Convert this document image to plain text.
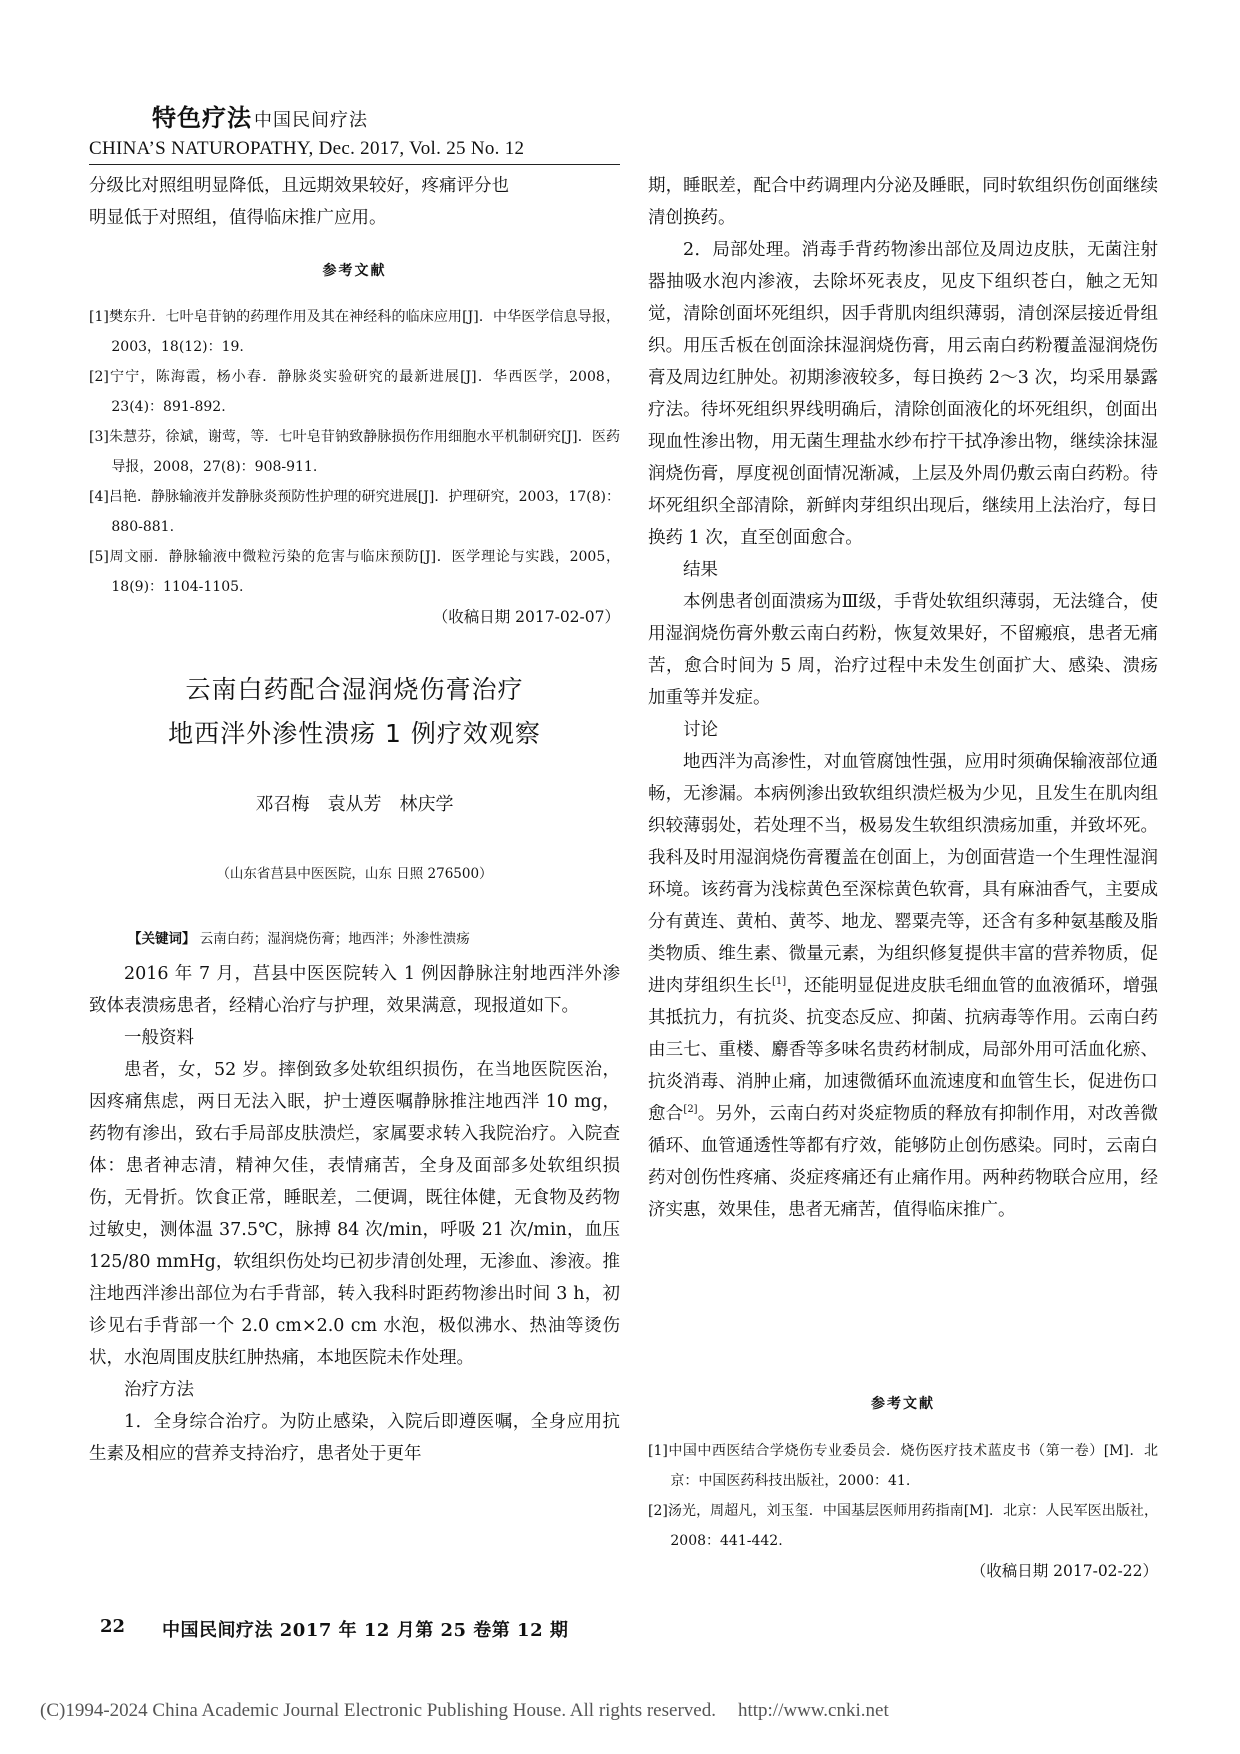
特色疗法 中国民间疗法
CHINA’S NATUROPATHY, Dec. 2017, Vol. 25 No. 12

分级比对照组明显降低，且远期效果较好，疼痛评分也

明显低于对照组，值得临床推广应用。

参考文献
[1]樊东升．七叶皂苷钠的药理作用及其在神经科的临床应用[J]．中华医学信息导报，2003，18(12)：19.
[2]宁宁，陈海霞，杨小春．静脉炎实验研究的最新进展[J]．华西医学，2008，23(4)：891-892.
[3]朱慧芬，徐斌，谢莺，等．七叶皂苷钠致静脉损伤作用细胞水平机制研究[J]．医药导报，2008，27(8)：908-911.
[4]吕艳．静脉输液并发静脉炎预防性护理的研究进展[J]．护理研究，2003，17(8)：880-881.
[5]周文丽．静脉输液中微粒污染的危害与临床预防[J]．医学理论与实践，2005，18(9)：1104-1105.
（收稿日期 2017-02-07）
云南白药配合湿润烧伤膏治疗
地西泮外渗性溃疡 1 例疗效观察
邓召梅　袁从芳　林庆学
（山东省莒县中医医院，山东 日照 276500）
【关键词】 云南白药；湿润烧伤膏；地西泮；外渗性溃疡

2016 年 7 月，莒县中医医院转入 1 例因静脉注射地西泮外渗致体表溃疡患者，经精心治疗与护理，效果满意，现报道如下。

一般资料

患者，女，52 岁。摔倒致多处软组织损伤，在当地医院医治，因疼痛焦虑，两日无法入眠，护士遵医嘱静脉推注地西泮 10 mg，药物有渗出，致右手局部皮肤溃烂，家属要求转入我院治疗。入院查体：患者神志清，精神欠佳，表情痛苦，全身及面部多处软组织损伤，无骨折。饮食正常，睡眠差，二便调，既往体健，无食物及药物过敏史，测体温 37.5℃，脉搏 84 次/min，呼吸 21 次/min，血压 125/80 mmHg，软组织伤处均已初步清创处理，无渗血、渗液。推注地西泮渗出部位为右手背部，转入我科时距药物渗出时间 3 h，初诊见右手背部一个 2.0 cm×2.0 cm 水泡，极似沸水、热油等烫伤状，水泡周围皮肤红肿热痛，本地医院未作处理。

治疗方法

1．全身综合治疗。为防止感染，入院后即遵医嘱，全身应用抗生素及相应的营养支持治疗，患者处于更年

期，睡眠差，配合中药调理内分泌及睡眠，同时软组织伤创面继续清创换药。

2．局部处理。消毒手背药物渗出部位及周边皮肤，无菌注射器抽吸水泡内渗液，去除坏死表皮，见皮下组织苍白，触之无知觉，清除创面坏死组织，因手背肌肉组织薄弱，清创深层接近骨组织。用压舌板在创面涂抹湿润烧伤膏，用云南白药粉覆盖湿润烧伤膏及周边红肿处。初期渗液较多，每日换药 2～3 次，均采用暴露疗法。待坏死组织界线明确后，清除创面液化的坏死组织，创面出现血性渗出物，用无菌生理盐水纱布拧干拭净渗出物，继续涂抹湿润烧伤膏，厚度视创面情况渐减，上层及外周仍敷云南白药粉。待坏死组织全部清除，新鲜肉芽组织出现后，继续用上法治疗，每日换药 1 次，直至创面愈合。

结果

本例患者创面溃疡为Ⅲ级，手背处软组织薄弱，无法缝合，使用湿润烧伤膏外敷云南白药粉，恢复效果好，不留瘢痕，患者无痛苦，愈合时间为 5 周，治疗过程中未发生创面扩大、感染、溃疡加重等并发症。

讨论

地西泮为高渗性，对血管腐蚀性强，应用时须确保输液部位通畅，无渗漏。本病例渗出致软组织溃烂极为少见，且发生在肌肉组织较薄弱处，若处理不当，极易发生软组织溃疡加重，并致坏死。我科及时用湿润烧伤膏覆盖在创面上，为创面营造一个生理性湿润环境。该药膏为浅棕黄色至深棕黄色软膏，具有麻油香气，主要成分有黄连、黄柏、黄芩、地龙、罂粟壳等，还含有多种氨基酸及脂类物质、维生素、微量元素，为组织修复提供丰富的营养物质，促进肉芽组织生长[1]，还能明显促进皮肤毛细血管的血液循环，增强其抵抗力，有抗炎、抗变态反应、抑菌、抗病毒等作用。云南白药由三七、重楼、麝香等多味名贵药材制成，局部外用可活血化瘀、抗炎消毒、消肿止痛，加速微循环血流速度和血管生长，促进伤口愈合[2]。另外，云南白药对炎症物质的释放有抑制作用，对改善微循环、血管通透性等都有疗效，能够防止创伤感染。同时，云南白药对创伤性疼痛、炎症疼痛还有止痛作用。两种药物联合应用，经济实惠，效果佳，患者无痛苦，值得临床推广。

参考文献
[1]中国中西医结合学烧伤专业委员会．烧伤医疗技术蓝皮书（第一卷）[M]．北京：中国医药科技出版社，2000：41.
[2]汤光，周超凡，刘玉玺．中国基层医师用药指南[M]．北京：人民军医出版社，2008：441-442.
（收稿日期 2017-02-22）
22 中国民间疗法 2017 年 12 月第 25 卷第 12 期
(C)1994-2024 China Academic Journal Electronic Publishing House. All rights reserved. http://www.cnki.net
